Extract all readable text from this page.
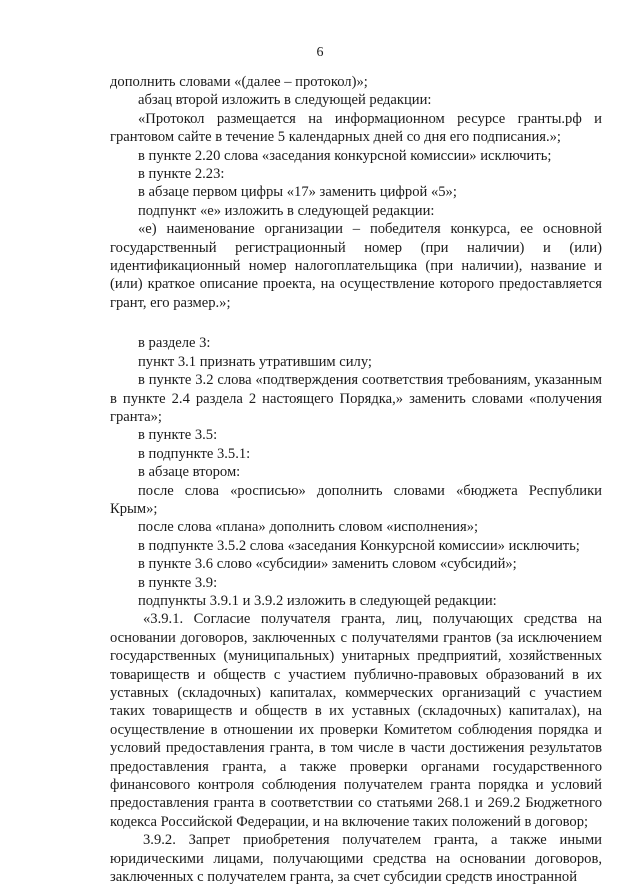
6

дополнить словами «(далее – протокол)»;

абзац второй изложить в следующей редакции:

«Протокол размещается на информационном ресурсе гранты.рф и грантовом сайте в течение 5 календарных дней со дня его подписания.»;

в пункте 2.20 слова «заседания конкурсной комиссии» исключить;

в пункте 2.23:

в абзаце первом цифры «17» заменить цифрой «5»;

подпункт «е» изложить в следующей редакции:

«е) наименование организации – победителя конкурса, ее основной государственный регистрационный номер (при наличии) и (или) идентификационный номер налогоплательщика (при наличии), название и (или) краткое описание проекта, на осуществление которого предоставляется грант, его размер.»;

в разделе 3:

пункт 3.1 признать утратившим силу;

в пункте 3.2 слова «подтверждения соответствия требованиям, указанным в пункте 2.4 раздела 2 настоящего Порядка,» заменить словами «получения гранта»;

в пункте 3.5:

в подпункте 3.5.1:

в абзаце втором:

после слова «росписью» дополнить словами «бюджета Республики Крым»;

после слова «плана» дополнить словом «исполнения»;

в подпункте 3.5.2 слова «заседания Конкурсной комиссии» исключить;

в пункте 3.6 слово «субсидии» заменить словом «субсидий»;

в пункте 3.9:

подпункты 3.9.1 и 3.9.2 изложить в следующей редакции:

«3.9.1. Согласие получателя гранта, лиц, получающих средства на основании договоров, заключенных с получателями грантов (за исключением государственных (муниципальных) унитарных предприятий, хозяйственных товариществ и обществ с участием публично-правовых образований в их уставных (складочных) капиталах, коммерческих организаций с участием таких товариществ и обществ в их уставных (складочных) капиталах), на осуществление в отношении их проверки Комитетом соблюдения порядка и условий предоставления гранта, в том числе в части достижения результатов предоставления гранта, а также проверки органами государственного финансового контроля соблюдения получателем гранта порядка и условий предоставления гранта в соответствии со статьями 268.1 и 269.2 Бюджетного кодекса Российской Федерации, и на включение таких положений в договор;

3.9.2. Запрет приобретения получателем гранта, а также иными юридическими лицами, получающими средства на основании договоров, заключенных с получателем гранта, за счет субсидии средств иностранной
